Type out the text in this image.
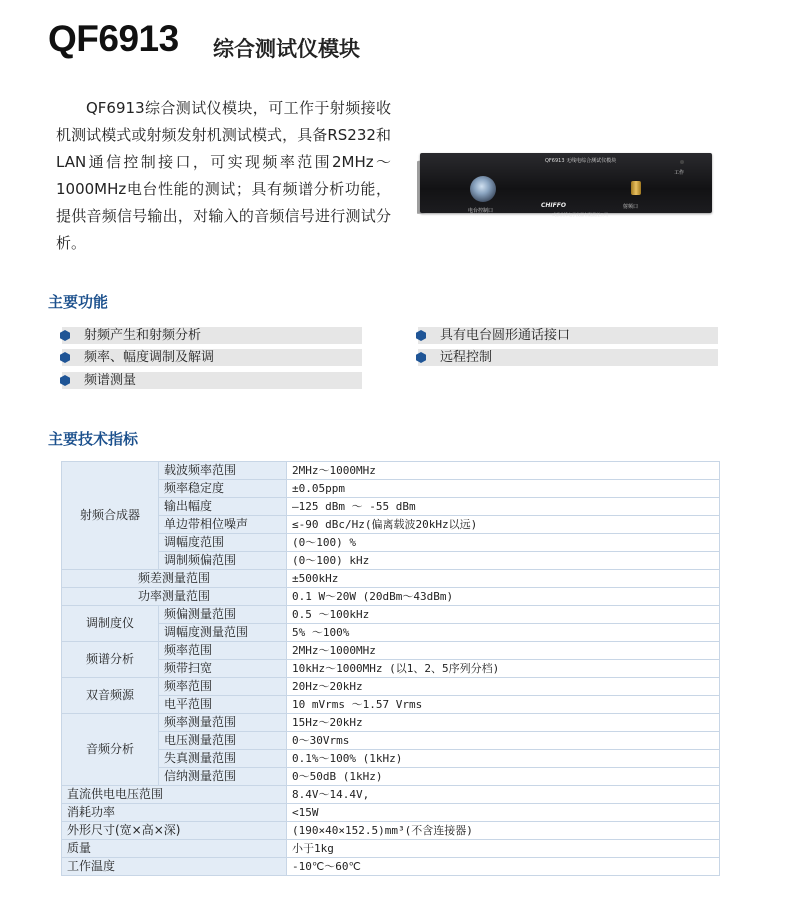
QF6913 综合测试仪模块

QF6913综合测试仪模块，可工作于射频接收机测试模式或射频发射机测试模式，具备RS232和LAN通信控制接口，可实现频率范围2MHz～1000MHz电台性能的测试；具有频谱分析功能，提供音频信号输出，对输入的音频信号进行测试分析。

QF6913 无线电综合测试仪模块
工作
电台控制口
射频口
CHIFFO
成都前锋电子仪器有限责任公司
主要功能
射频产生和射频分析
频率、幅度调制及解调
频谱测量
具有电台圆形通话接口
远程控制
主要技术指标
射频合成器	载波频率范围	2MHz～1000MHz
	频率稳定度	±0.05ppm
	输出幅度	—125 dBm ～ -55 dBm
	单边带相位噪声	≤-90 dBc/Hz(偏离载波20kHz以远)
	调幅度范围	(0～100) %
	调制频偏范围	(0～100) kHz
频差测量范围		±500kHz
功率测量范围		0.1 W～20W (20dBm～43dBm)
调制度仪	频偏测量范围	0.5 ～100kHz
	调幅度测量范围	5% ～100%
频谱分析	频率范围	2MHz～1000MHz
	频带扫宽	10kHz～1000MHz (以1、2、5序列分档)
双音频源	频率范围	20Hz～20kHz
	电平范围	10 mVrms ～1.57 Vrms
音频分析	频率测量范围	15Hz～20kHz
	电压测量范围	0～30Vrms
	失真测量范围	0.1%～100% (1kHz)
	信纳测量范围	0～50dB (1kHz)
直流供电电压范围		8.4V～14.4V,
消耗功率		<15W
外形尺寸(宽×高×深)		(190×40×152.5)mm³(不含连接器)
质量		小于1kg
工作温度		-10℃～60℃
